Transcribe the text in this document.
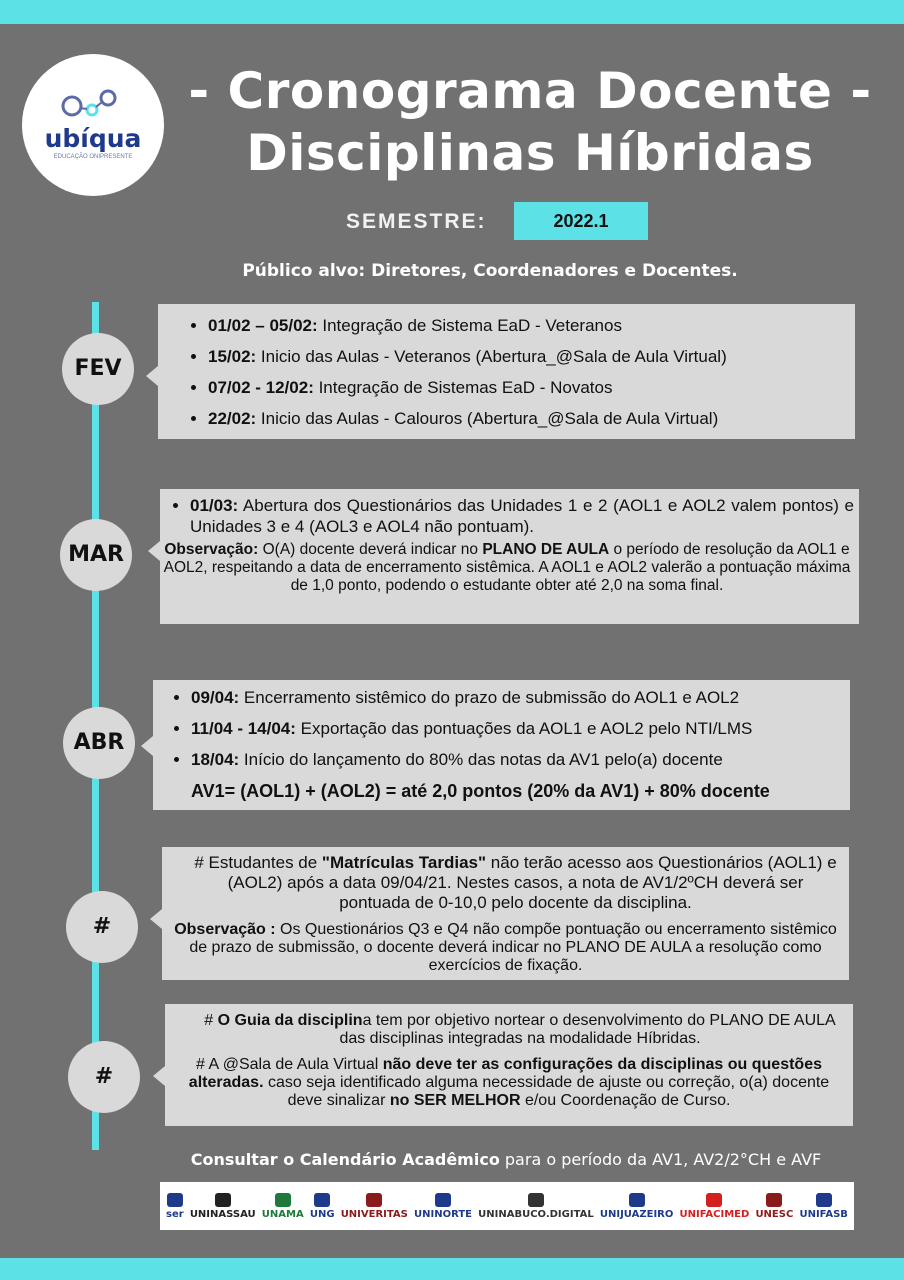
ubíqua
EDUCAÇÃO ONIPRESENTE
- Cronograma Docente -
Disciplinas Híbridas
SEMESTRE:	2022.1
Público alvo: Diretores, Coordenadores e Docentes.
FEV
• 01/02 – 05/02: Integração de Sistema EaD - Veteranos
• 15/02: Inicio das Aulas - Veteranos (Abertura_@Sala de Aula Virtual)
• 07/02 - 12/02: Integração de Sistemas EaD - Novatos
• 22/02: Inicio das Aulas - Calouros (Abertura_@Sala de Aula Virtual)
MAR
• 01/03: Abertura dos Questionários das Unidades 1 e 2 (AOL1 e AOL2 valem pontos) e Unidades 3 e 4 (AOL3 e AOL4 não pontuam).
Observação: O(A) docente deverá indicar no PLANO DE AULA o período de resolução da AOL1 e AOL2, respeitando a data de encerramento sistêmica. A AOL1 e AOL2 valerão a pontuação máxima de 1,0 ponto, podendo o estudante obter até 2,0 na soma final.
ABR
• 09/04: Encerramento sistêmico do prazo de submissão do AOL1 e AOL2
• 11/04 - 14/04: Exportação das pontuações da AOL1 e AOL2 pelo NTI/LMS
• 18/04: Início do lançamento do 80% das notas da AV1 pelo(a) docente
AV1= (AOL1) + (AOL2) = até 2,0 pontos (20% da AV1) + 80% docente
#
# Estudantes de "Matrículas Tardias" não terão acesso aos Questionários (AOL1) e (AOL2) após a data 09/04/21. Nestes casos, a nota de AV1/2ºCH deverá ser pontuada de 0-10,0 pelo docente da disciplina.
Observação : Os Questionários Q3 e Q4 não compõe pontuação ou encerramento sistêmico de prazo de submissão, o docente deverá indicar no PLANO DE AULA a resolução como exercícios de fixação.
#
# O Guia da disciplina tem por objetivo nortear o desenvolvimento do PLANO DE AULA das disciplinas integradas na modalidade Híbridas.
# A @Sala de Aula Virtual não deve ter as configurações da disciplinas ou questões alteradas. caso seja identificado alguma necessidade de ajuste ou correção, o(a) docente deve sinalizar no SER MELHOR e/ou Coordenação de Curso.
Consultar o Calendário Acadêmico para o período da AV1, AV2/2°CH e AVF
ser UNINASSAU UNAMA UNG UNIVERITAS UNINORTE UNINABUCO.DIGITAL UNIJUAZEIRO UNIFACIMED UNESC UNIFASB
